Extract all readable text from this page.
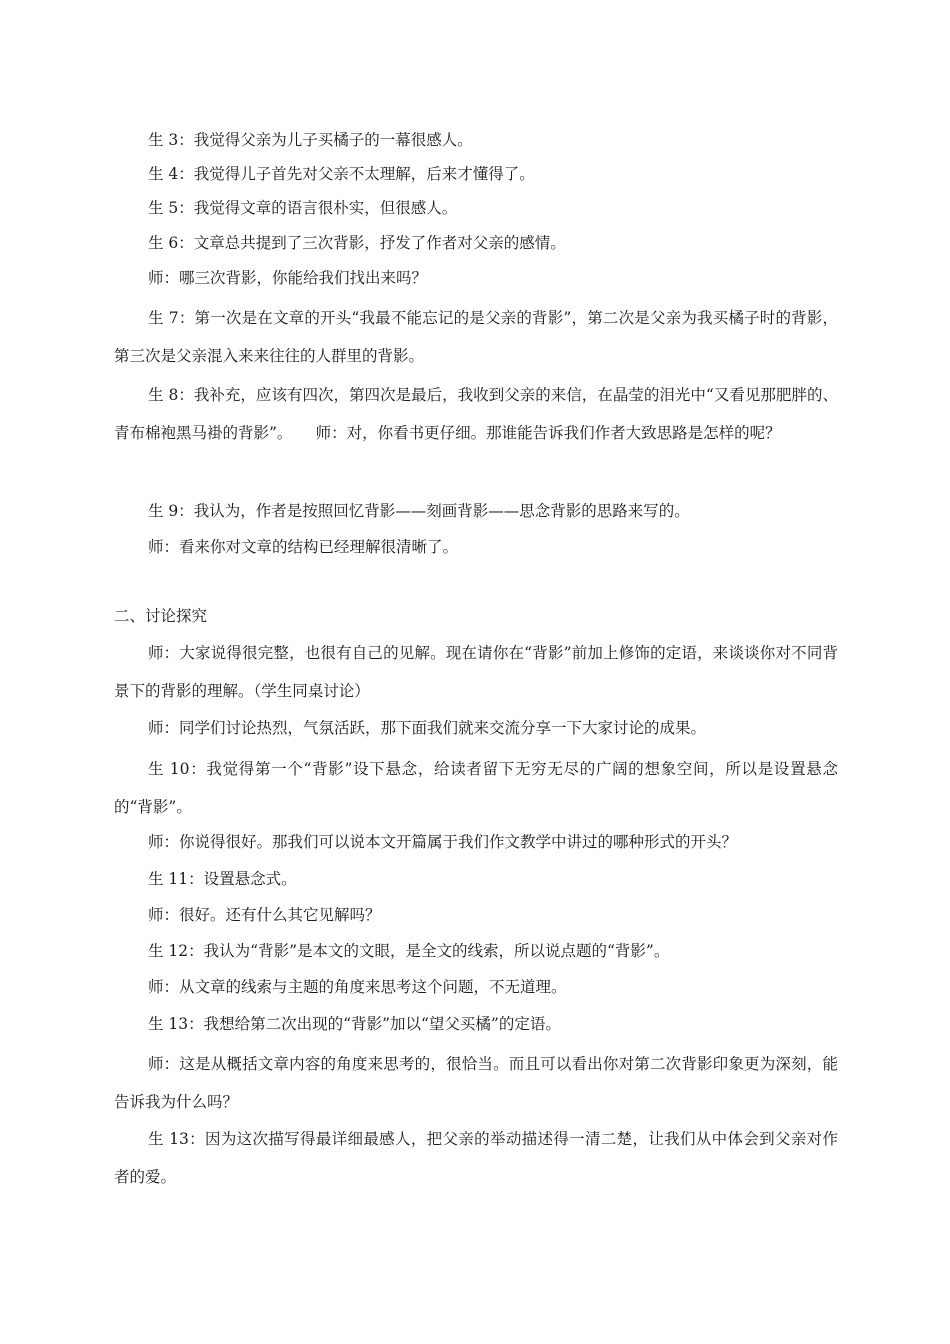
生 3：我觉得父亲为儿子买橘子的一幕很感人。

生 4：我觉得儿子首先对父亲不太理解，后来才懂得了。

生 5：我觉得文章的语言很朴实，但很感人。

生 6：文章总共提到了三次背影，抒发了作者对父亲的感情。

师：哪三次背影，你能给我们找出来吗？

生 7：第一次是在文章的开头“我最不能忘记的是父亲的背影”，第二次是父亲为我买橘子时的背影，第三次是父亲混入来来往往的人群里的背影。

生 8：我补充，应该有四次，第四次是最后，我收到父亲的来信，在晶莹的泪光中“又看见那肥胖的、青布棉袍黑马褂的背影”。　　师：对，你看书更仔细。那谁能告诉我们作者大致思路是怎样的呢？

生 9：我认为，作者是按照回忆背影——刻画背影——思念背影的思路来写的。

师：看来你对文章的结构已经理解很清晰了。

二、讨论探究

师：大家说得很完整，也很有自己的见解。现在请你在“背影”前加上修饰的定语，来谈谈你对不同背景下的背影的理解。（学生同桌讨论）

师：同学们讨论热烈，气氛活跃，那下面我们就来交流分享一下大家讨论的成果。

生 10：我觉得第一个“背影”设下悬念，给读者留下无穷无尽的广阔的想象空间，所以是设置悬念的“背影”。

师：你说得很好。那我们可以说本文开篇属于我们作文教学中讲过的哪种形式的开头？

生 11：设置悬念式。

师：很好。还有什么其它见解吗？

生 12：我认为“背影”是本文的文眼，是全文的线索，所以说点题的“背影”。

师：从文章的线索与主题的角度来思考这个问题，不无道理。

生 13：我想给第二次出现的“背影”加以“望父买橘”的定语。

师：这是从概括文章内容的角度来思考的，很恰当。而且可以看出你对第二次背影印象更为深刻，能告诉我为什么吗？

生 13：因为这次描写得最详细最感人，把父亲的举动描述得一清二楚，让我们从中体会到父亲对作者的爱。
